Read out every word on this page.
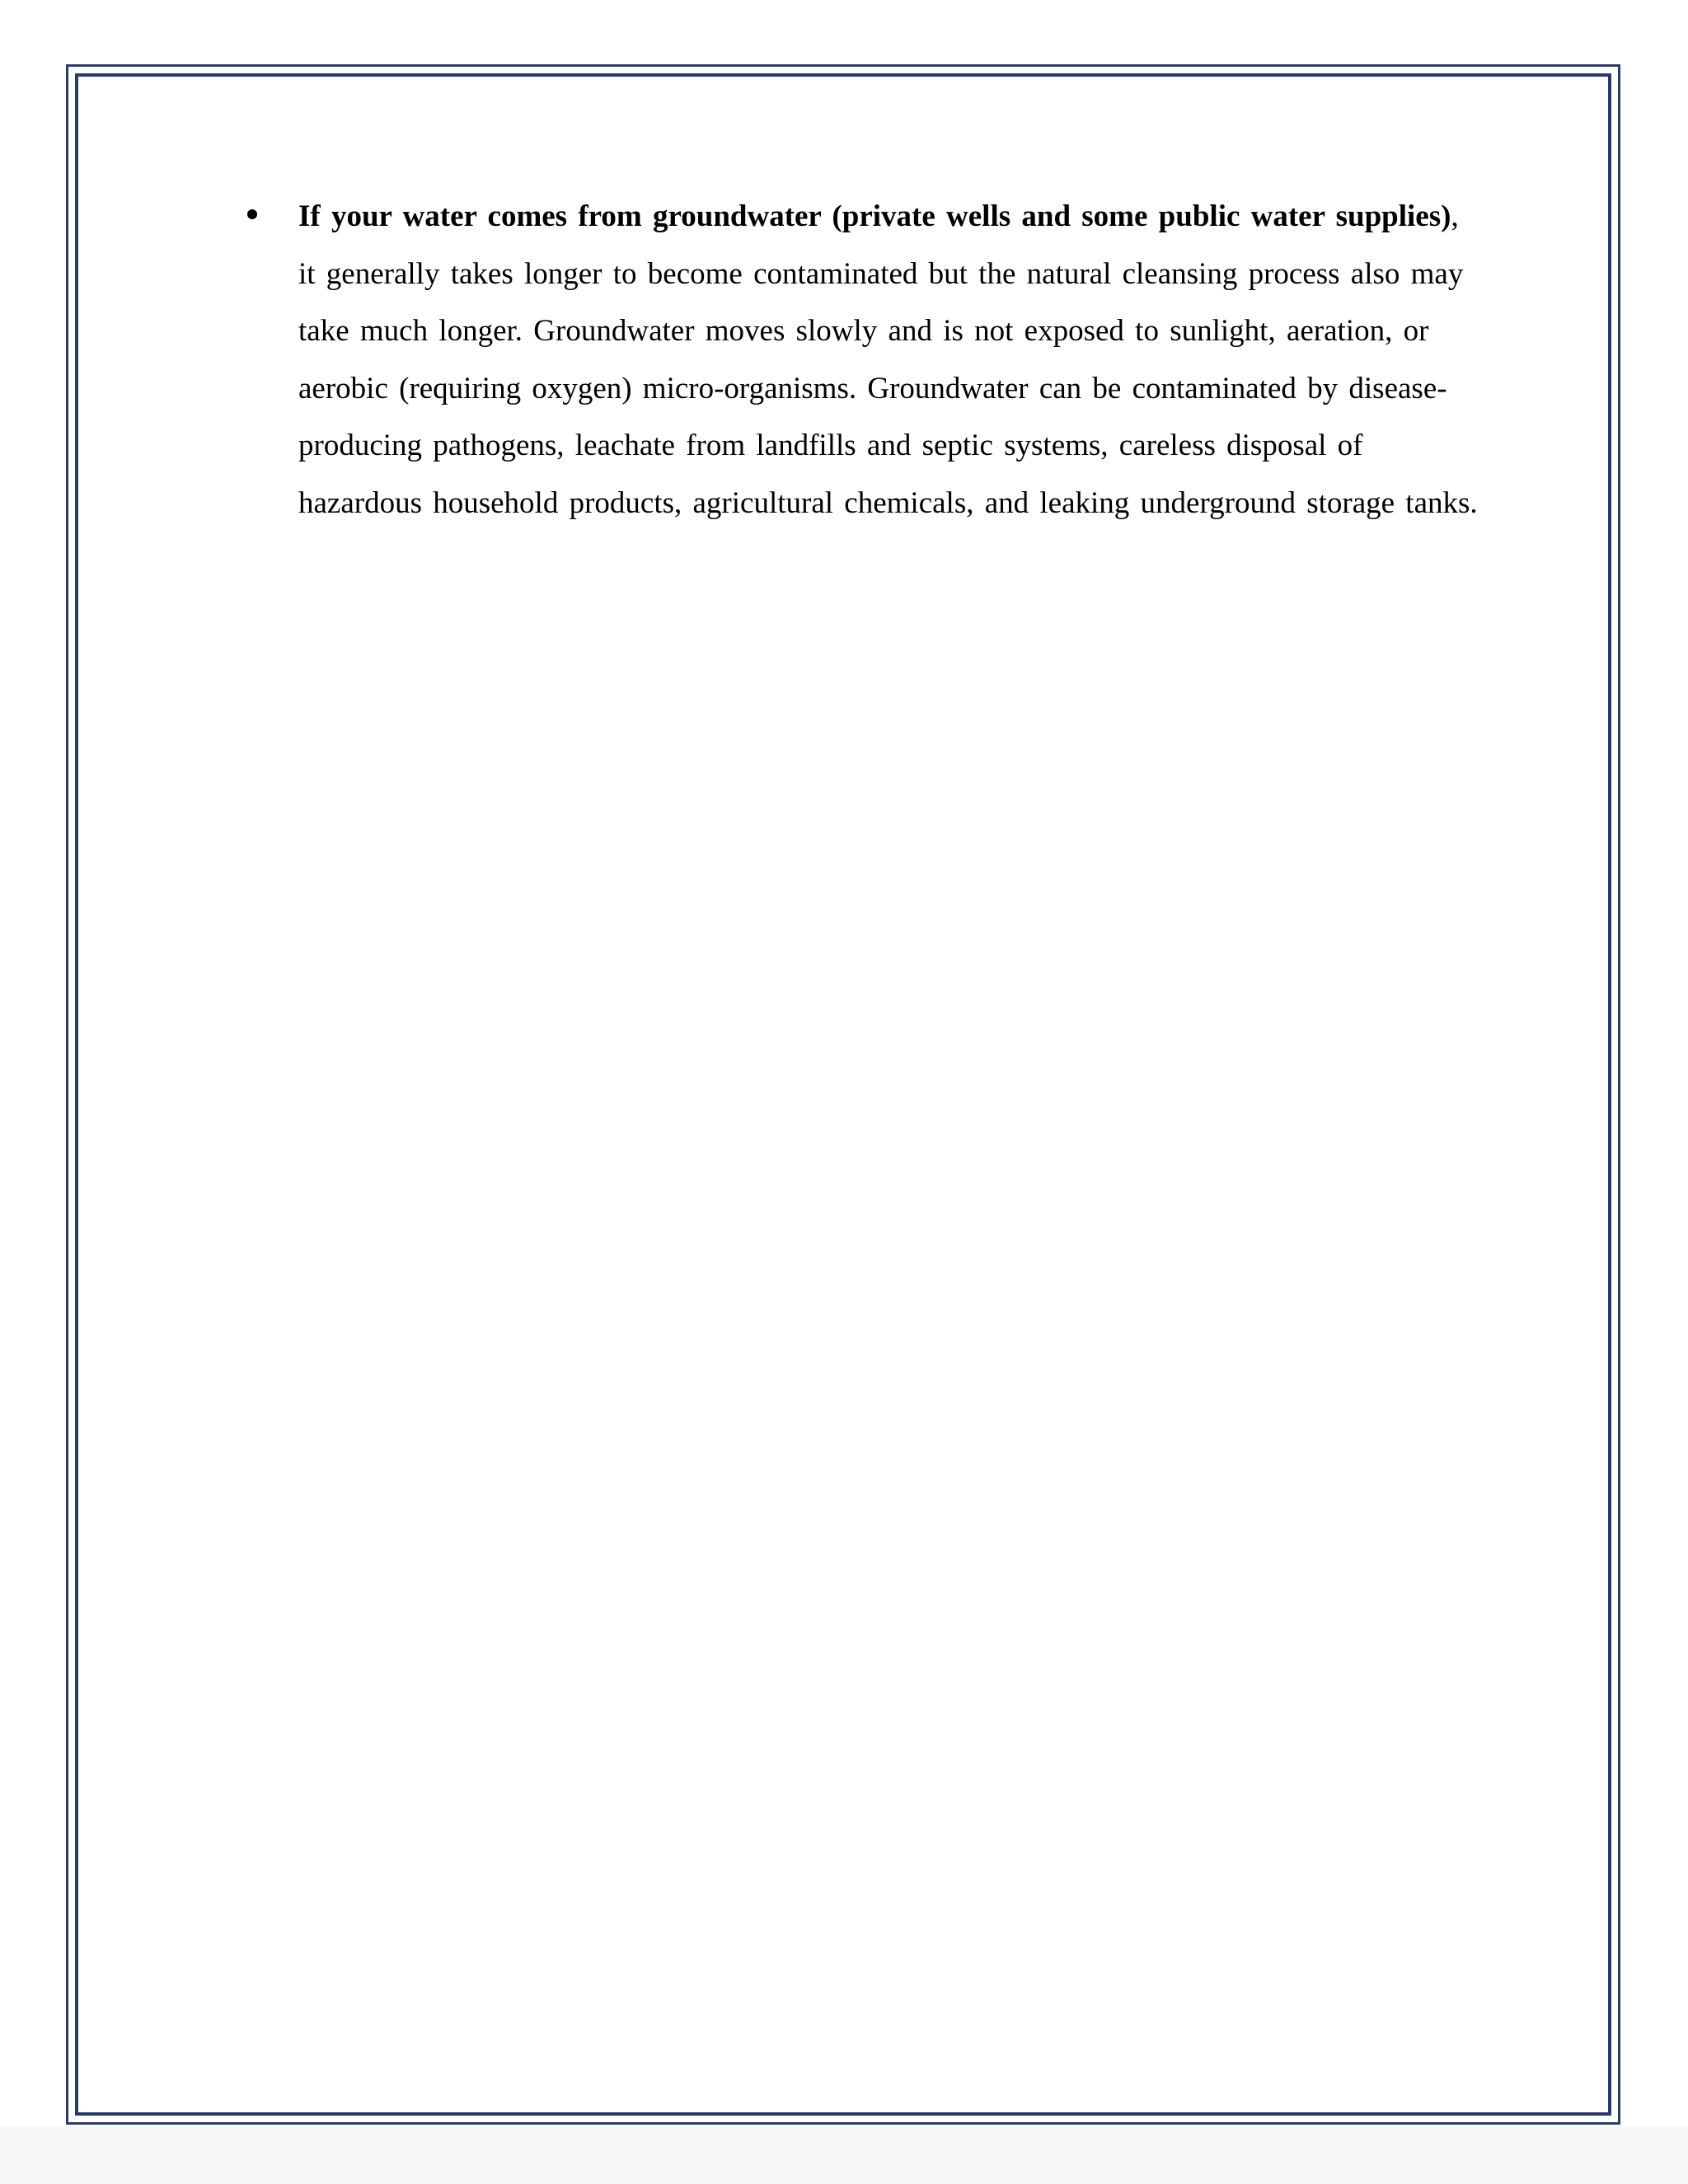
If your water comes from groundwater (private wells and some public water supplies), it generally takes longer to become contaminated but the natural cleansing process also may take much longer. Groundwater moves slowly and is not exposed to sunlight, aeration, or aerobic (requiring oxygen) micro-organisms. Groundwater can be contaminated by disease-producing pathogens, leachate from landfills and septic systems, careless disposal of hazardous household products, agricultural chemicals, and leaking underground storage tanks.
